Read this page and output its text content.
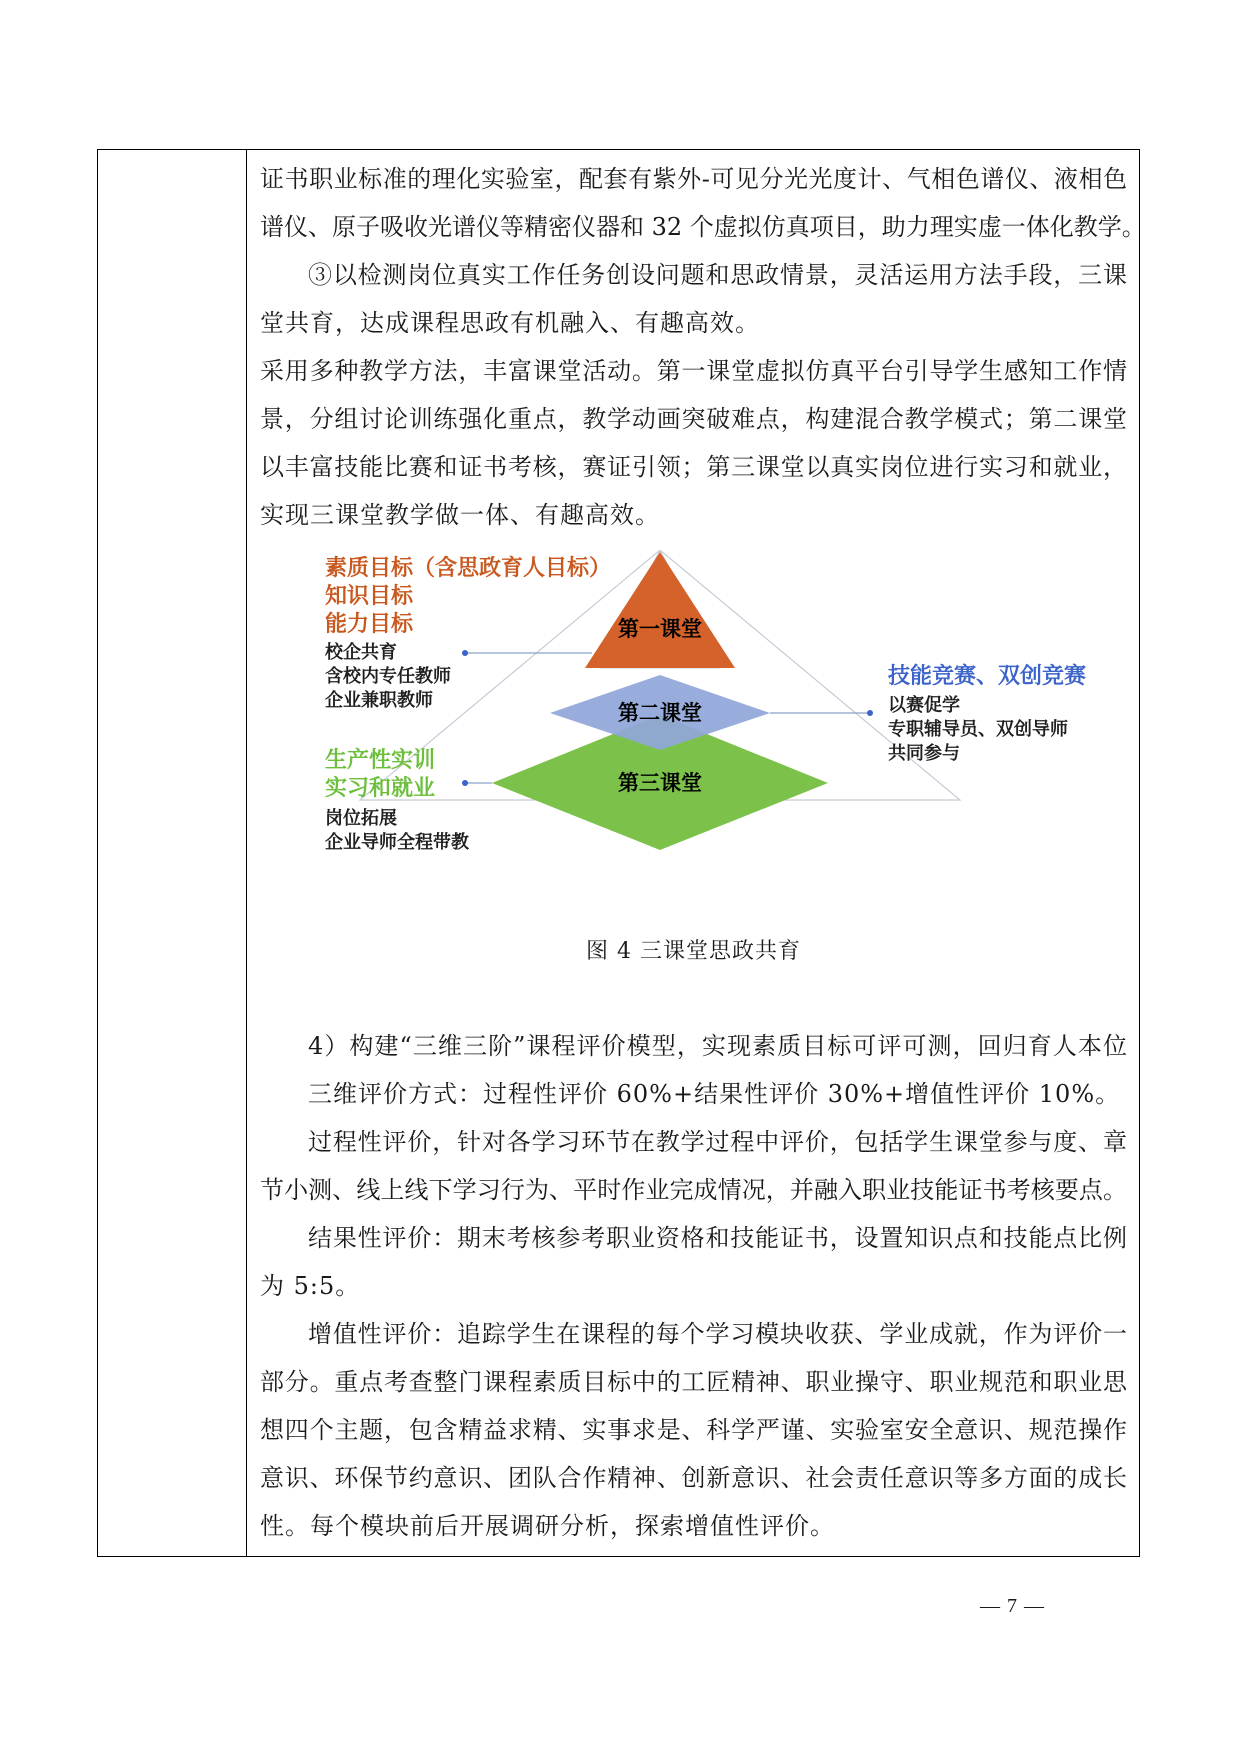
证书职业标准的理化实验室，配套有紫外-可见分光光度计、气相色谱仪、液相色
谱仪、原子吸收光谱仪等精密仪器和 32 个虚拟仿真项目，助力理实虚一体化教学。
③以检测岗位真实工作任务创设问题和思政情景，灵活运用方法手段，三课
堂共育，达成课程思政有机融入、有趣高效。
采用多种教学方法，丰富课堂活动。第一课堂虚拟仿真平台引导学生感知工作情
景，分组讨论训练强化重点，教学动画突破难点，构建混合教学模式；第二课堂
以丰富技能比赛和证书考核，赛证引领；第三课堂以真实岗位进行实习和就业，
实现三课堂教学做一体、有趣高效。
第一课堂
第二课堂
第三课堂
素质目标（含思政育人目标）
知识目标
能力目标
校企共育
含校内专任教师
企业兼职教师
技能竞赛、双创竞赛
以赛促学
专职辅导员、双创导师
共同参与
生产性实训
实习和就业
岗位拓展
企业导师全程带教
图 4 三课堂思政共育
4）构建“三维三阶”课程评价模型，实现素质目标可评可测，回归育人本位
三维评价方式：过程性评价 60%+结果性评价 30%+增值性评价 10%。
过程性评价，针对各学习环节在教学过程中评价，包括学生课堂参与度、章
节小测、线上线下学习行为、平时作业完成情况，并融入职业技能证书考核要点。
结果性评价：期末考核参考职业资格和技能证书，设置知识点和技能点比例
为 5:5。
增值性评价：追踪学生在课程的每个学习模块收获、学业成就，作为评价一
部分。重点考查整门课程素质目标中的工匠精神、职业操守、职业规范和职业思
想四个主题，包含精益求精、实事求是、科学严谨、实验室安全意识、规范操作
意识、环保节约意识、团队合作精神、创新意识、社会责任意识等多方面的成长
性。每个模块前后开展调研分析，探索增值性评价。
— 7 —
